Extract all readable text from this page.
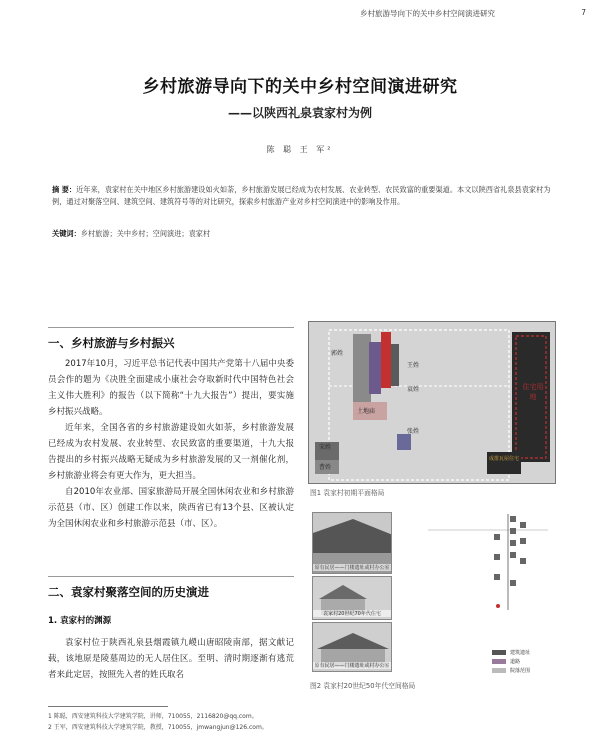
乡村旅游导向下的关中乡村空间演进研究	7
乡村旅游导向下的关中乡村空间演进研究
——以陕西礼泉袁家村为例
陈 聪 王 军²
摘 要：近年来，袁家村在关中地区乡村旅游建设如火如荼，乡村旅游发展已经成为农村发展、农业转型、农民致富的重要渠道。本文以陕西省礼泉县袁家村为例，通过对聚落空间、建筑空间、建筑符号等的对比研究，探索乡村旅游产业对乡村空间演进中的影响及作用。
关键词：乡村旅游；关中乡村；空间演进；袁家村
一、乡村旅游与乡村振兴

2017年10月，习近平总书记代表中国共产党第十八届中央委员会作的题为《决胜全面建成小康社会夺取新时代中国特色社会主义伟大胜利》的报告（以下简称“十九大报告”）提出，要实施乡村振兴战略。

近年来，全国各省的乡村旅游建设如火如荼，乡村旅游发展已经成为农村发展、农业转型、农民致富的重要渠道，十九大报告提出的乡村振兴战略无疑成为乡村旅游发展的又一剂催化剂，乡村旅游业将会有更大作为，更大担当。

自2010年农业部、国家旅游局开展全国休闲农业和乡村旅游示范县（市、区）创建工作以来，陕西省已有13个县、区被认定为全国休闲农业和乡村旅游示范县（市、区）。

二、袁家村聚落空间的历史演进
1. 袁家村的渊源

袁家村位于陕西礼泉县烟霞镇九嵕山唐昭陵南部，据文献记载，该地原是陵墓周边的无人居住区。至明、清时期逐渐有逃荒者来此定居，按照先入者的姓氏取名

郭姓
王姓
袁姓
土地庙
张姓
宋姓
曹姓
住宅用地
成排瓦屋住宅
图1 袁家村初期平面格局
原有民居——门楼遗址或村办公室
袁家村20世纪70年代住宅
原有民居——门楼遗址或村办公室
建筑遗址
道路
院落范围
图2 袁家村20世纪50年代空间格局
1 陈聪，西安建筑科技大学建筑学院，讲师，710055，2116820@qq.com。
2 王军，西安建筑科技大学建筑学院，教授，710055，jmwangjun@126.com。
